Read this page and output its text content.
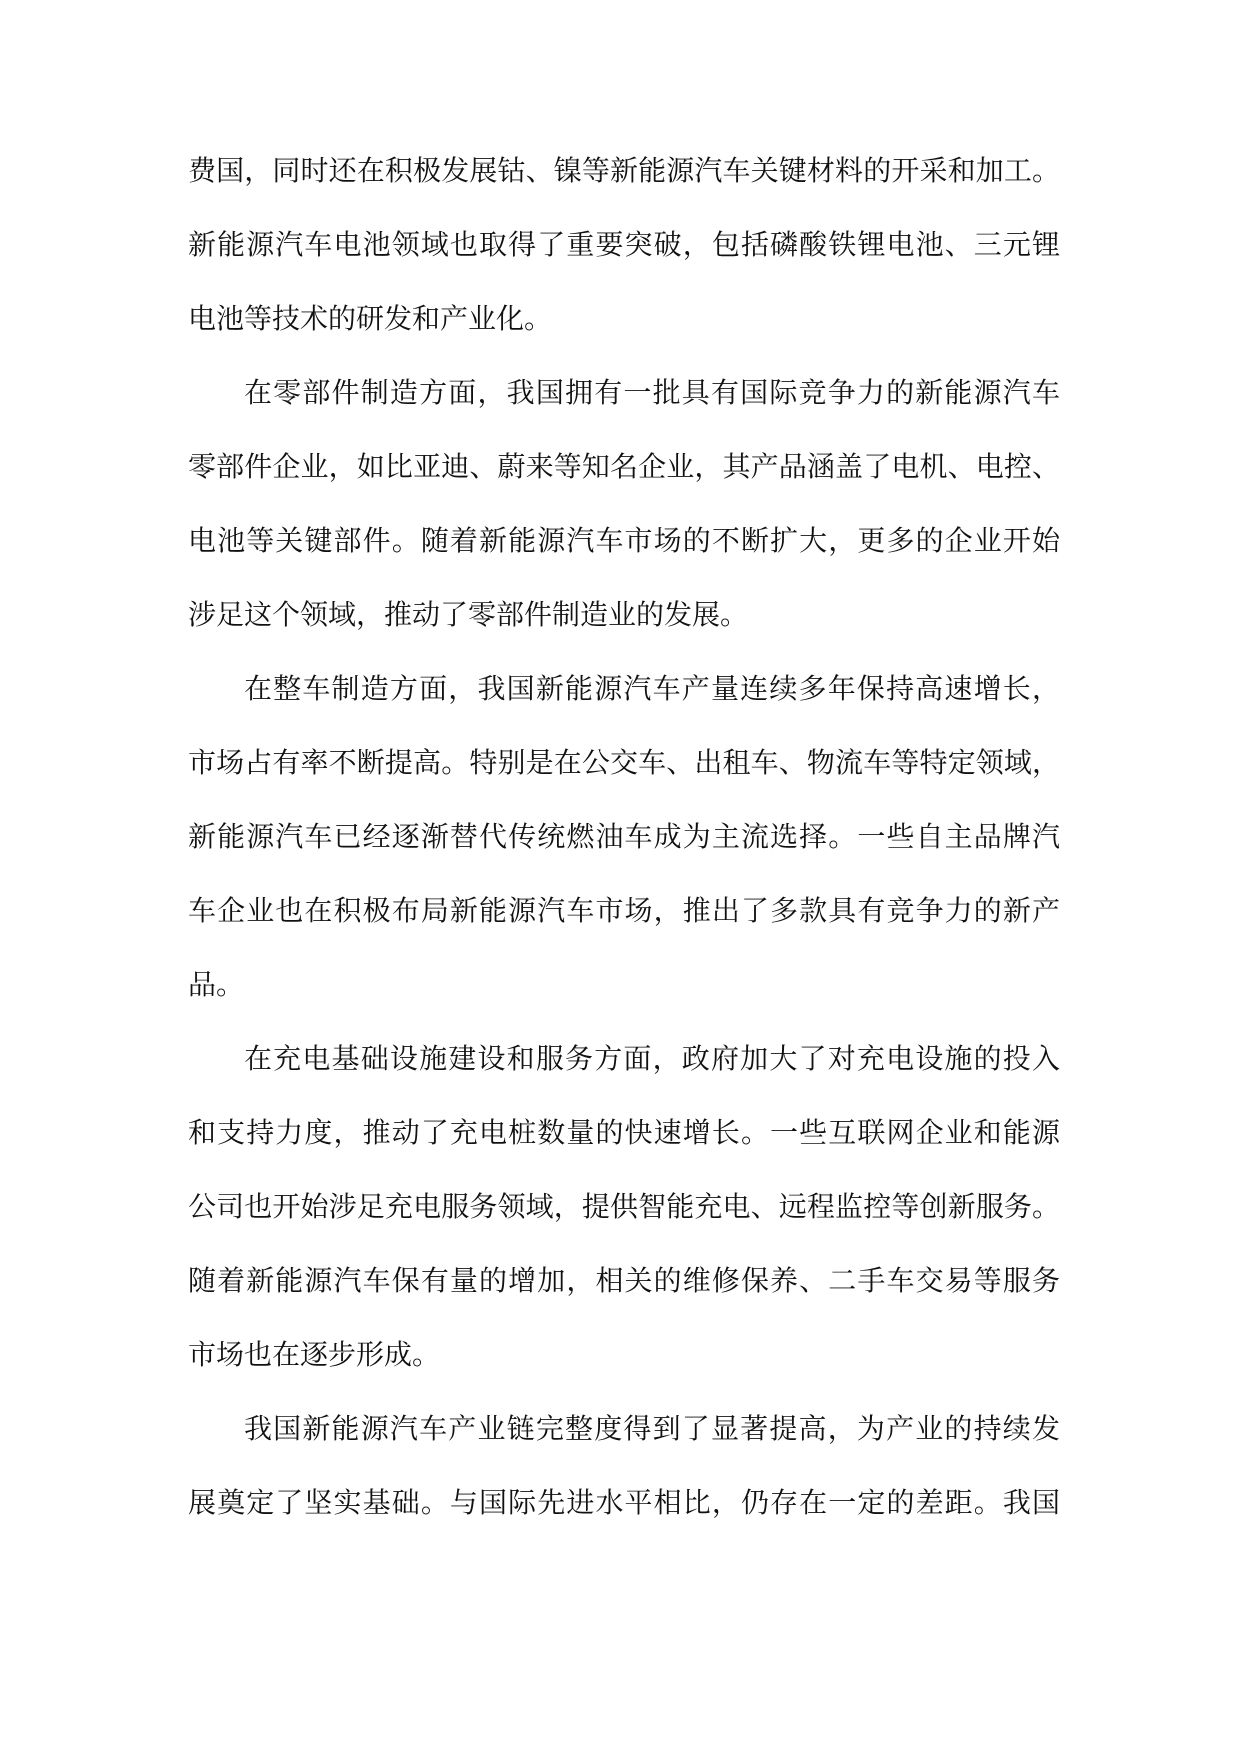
费国，同时还在积极发展钴、镍等新能源汽车关键材料的开采和加工。
新能源汽车电池领域也取得了重要突破，包括磷酸铁锂电池、三元锂
电池等技术的研发和产业化。
在零部件制造方面，我国拥有一批具有国际竞争力的新能源汽车
零部件企业，如比亚迪、蔚来等知名企业，其产品涵盖了电机、电控、
电池等关键部件。随着新能源汽车市场的不断扩大，更多的企业开始
涉足这个领域，推动了零部件制造业的发展。
在整车制造方面，我国新能源汽车产量连续多年保持高速增长，
市场占有率不断提高。特别是在公交车、出租车、物流车等特定领域，
新能源汽车已经逐渐替代传统燃油车成为主流选择。一些自主品牌汽
车企业也在积极布局新能源汽车市场，推出了多款具有竞争力的新产
品。
在充电基础设施建设和服务方面，政府加大了对充电设施的投入
和支持力度，推动了充电桩数量的快速增长。一些互联网企业和能源
公司也开始涉足充电服务领域，提供智能充电、远程监控等创新服务。
随着新能源汽车保有量的增加，相关的维修保养、二手车交易等服务
市场也在逐步形成。
我国新能源汽车产业链完整度得到了显著提高，为产业的持续发
展奠定了坚实基础。与国际先进水平相比，仍存在一定的差距。我国
